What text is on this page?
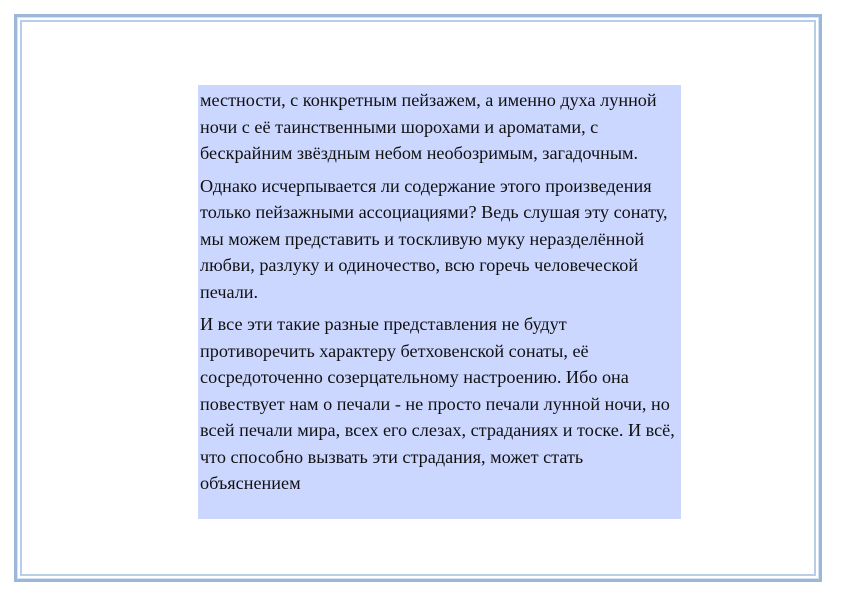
местности, с конкретным пейзажем, а именно духа лунной ночи с её таинственными шорохами и ароматами, с бескрайним звёздным небом необозримым, загадочным.

Однако исчерпывается ли содержание этого произведения только пейзажными ассоциациями? Ведь слушая эту сонату, мы можем представить и тоскливую муку неразделённой любви, разлуку и одиночество, всю горечь человеческой печали.

И все эти такие разные представления не будут противоречить характеру бетховенской сонаты, её сосредоточенно созерцательному настроению. Ибо она повествует нам о печали - не просто печали лунной ночи, но всей печали мира, всех его слезах, страданиях и тоске. И всё, что способно вызвать эти страдания, может стать объяснением
